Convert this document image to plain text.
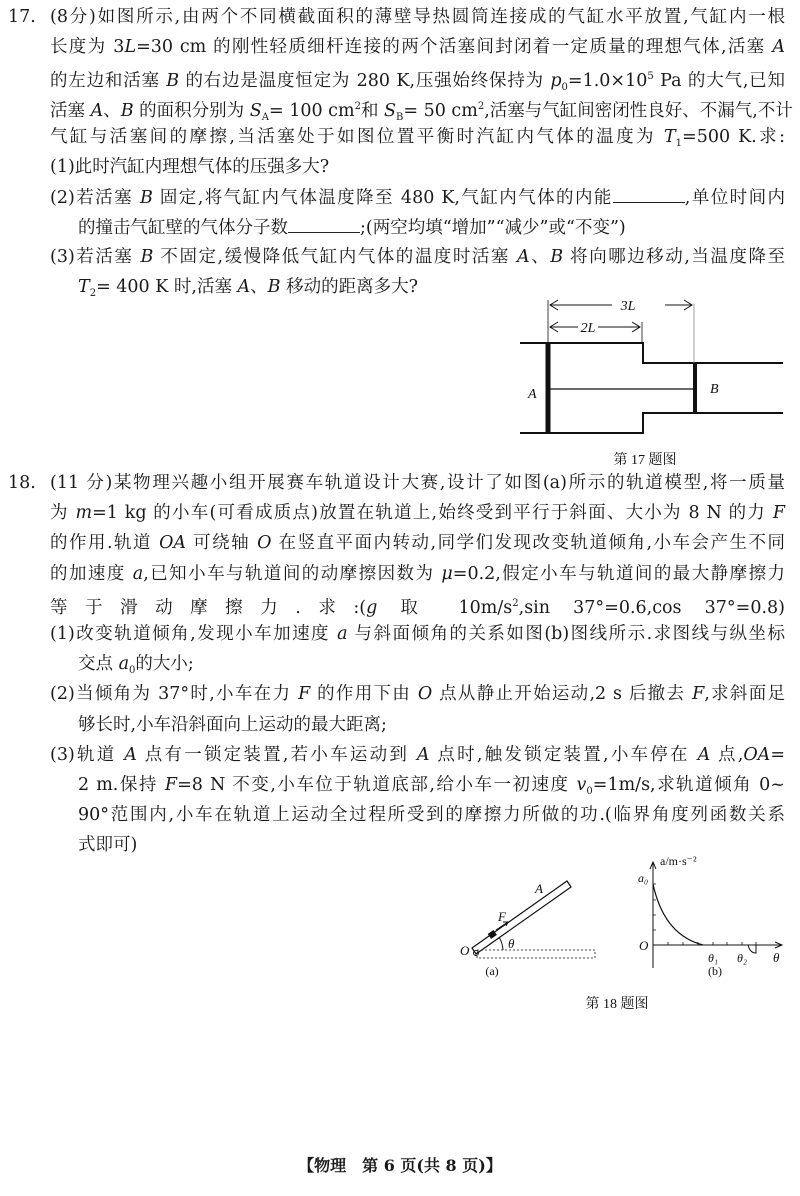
17. (8分)如图所示,由两个不同横截面积的薄壁导热圆筒连接成的气缸水平放置,气缸内一根
长度为 3L=30 cm 的刚性轻质细杆连接的两个活塞间封闭着一定质量的理想气体,活塞 A
的左边和活塞 B 的右边是温度恒定为 280 K,压强始终保持为 $p_0=1.0\times 10^5$ Pa 的大气,已知
活塞 A、B 的面积分别为 $S_A= 100$ $cm^2$和 $S_B= 50$ $cm^2$,活塞与气缸间密闭性良好、不漏气,不计
气缸与活塞间的摩擦,当活塞处于如图位置平衡时汽缸内气体的温度为 $T_1=500$ K.求:
(1)此时汽缸内理想气体的压强多大?
(2)若活塞 B 固定,将气缸内气体温度降至 480 K,气缸内气体的内能	,单位时间内
的撞击气缸壁的气体分子数	;(两空均填“增加”“减少”或“不变”)
(3)若活塞 B 不固定,缓慢降低气缸内气体的温度时活塞 A、B 将向哪边移动,当温度降至
$T_2= 400$ K 时,活塞 A、B 移动的距离多大?
(11 分)某物理兴趣小组开展赛车轨道设计大赛,设计了如图(a)所示的轨道模型,将一质量
为 m=1 kg 的小车(可看成质点)放置在轨道上,始终受到平行于斜面、大小为 8 N 的力 F
的作用.轨道 OA 可绕轴 O 在竖直平面内转动,同学们发现改变轨道倾角,小车会产生不同
的加速度 a,已知小车与轨道间的动摩擦因数为 μ=0.2,假定小车与轨道间的最大静摩擦力
等于滑动摩擦力.求:(g 取 $10m/s^2,\sin$ 37°=0.6,cos 37°=0.8)
(1)改变轨道倾角,发现小车加速度 a 与斜面倾角的关系如图(b)图线所示.求图线与纵坐标
交点 $a_0$的大小;
(2)当倾角为 37°时,小车在力 F 的作用下由 O 点从静止开始运动,2 s 后撤去 F,求斜面足
够长时,小车沿斜面向上运动的最大距离;
(3)轨道 A 点有一锁定装置,若小车运动到 A 点时,触发锁定装置,小车停在 A 点,OA=
2 m.保持 F=8 N 不变,小车位于轨道底部,给小车一初速度 $v_0=1m/s$,求轨道倾角 0~
90°范围内,小车在轨道上运动全过程所受到的摩擦力所做的功.(临界角度列函数关系
式即可)
18.
3L
2L
A	B
第 17 题图
A
F
O	θ
(a)
a/m·s⁻²
a₀
O
θ₁ θ₂ θ
(b)
第 18 题图
【物理　第 6 页(共 8 页)】
